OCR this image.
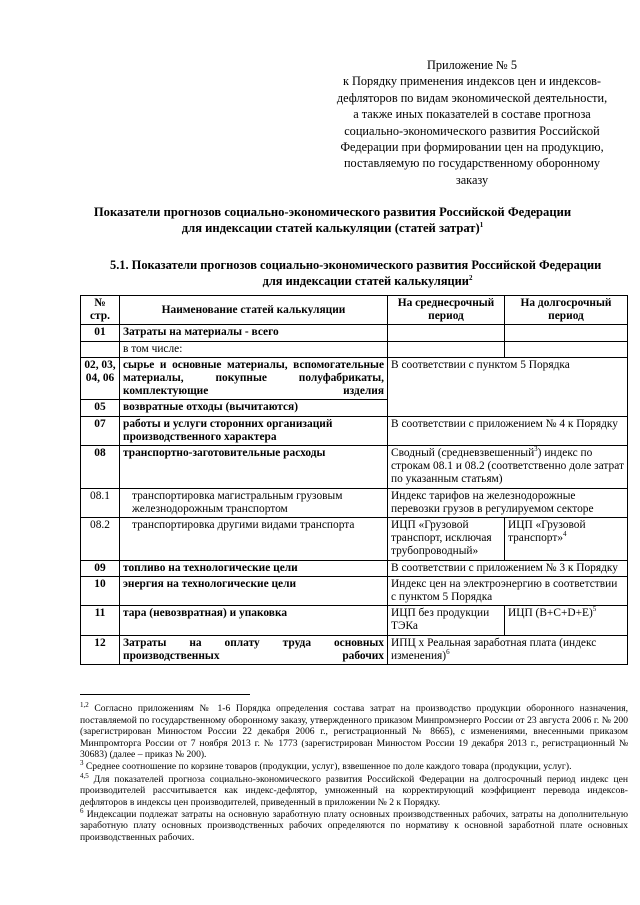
Приложение № 5
к Порядку применения индексов цен и индексов-
дефляторов по видам экономической деятельности,
а также иных показателей в составе прогноза
социально-экономического развития Российской
Федерации при формировании цен на продукцию,
поставляемую по государственному оборонному
заказу
Показатели прогнозов социально-экономического развития Российской Федерации
для индексации статей калькуляции (статей затрат)$^1$
5.1. Показатели прогнозов социально-экономического развития Российской Федерации
для индексации статей калькуляции$^2$
№ стр.	Наименование статей калькуляции	На среднесрочный период	На долгосрочный период
01	Затраты на материалы - всего		
	в том числе:		
02, 03, 04, 06	сырье и основные материалы, вспомогательные материалы, покупные полуфабрикаты, комплектующие изделия	В соответствии с пунктом 5 Порядка	
05	возвратные отходы (вычитаются)		
07	работы и услуги сторонних организаций производственного характера	В соответствии с приложением № 4 к Порядку	
08	транспортно-заготовительные расходы	Сводный (средневзвешенный$^3$) индекс по строкам 08.1 и 08.2 (соответственно доле затрат по указанным статьям)	
08.1	транспортировка магистральным грузовым железнодорожным транспортом	Индекс тарифов на железнодорожные перевозки грузов в регулируемом секторе	
08.2	транспортировка другими видами транспорта	ИЦП «Грузовой транспорт, исключая трубопроводный»	ИЦП «Грузовой транспорт»$^4$
09	топливо на технологические цели	В соответствии с приложением № 3 к Порядку	
10	энергия на технологические цели	Индекс цен на электроэнергию в соответствии с пунктом 5 Порядка	
11	тара (невозвратная) и упаковка	ИЦП без продукции ТЭКа	ИЦП $(В+С+D+Е)^5$
12	Затраты на оплату труда основных производственных рабочих	ИПЦ х Реальная заработная плата (индекс изменения)$^6$

$^{1,2}$ Согласно приложениям № 1-6 Порядка определения состава затрат на производство продукции оборонного назначения, поставляемой по государственному оборонному заказу, утвержденного приказом Минпромэнерго России от 23 августа 2006 г. № 200 (зарегистрирован Минюстом России 22 декабря 2006 г., регистрационный № 8665), с изменениями, внесенными приказом Минпромторга России от 7 ноября 2013 г. № 1773 (зарегистрирован Минюстом России 19 декабря 2013 г., регистрационный № 30683) (далее – приказ № 200).

$^3$ Среднее соотношение по корзине товаров (продукции, услуг), взвешенное по доле каждого товара (продукции, услуг).

$^{4,5}$ Для показателей прогноза социально-экономического развития Российской Федерации на долгосрочный период индекс цен производителей рассчитывается как индекс-дефлятор, умноженный на корректирующий коэффициент перевода индексов-дефляторов в индексы цен производителей, приведенный в приложении № 2 к Порядку.

$^6$ Индексации подлежат затраты на основную заработную плату основных производственных рабочих, затраты на дополнительную заработную плату основных производственных рабочих определяются по нормативу к основной заработной плате основных производственных рабочих.
